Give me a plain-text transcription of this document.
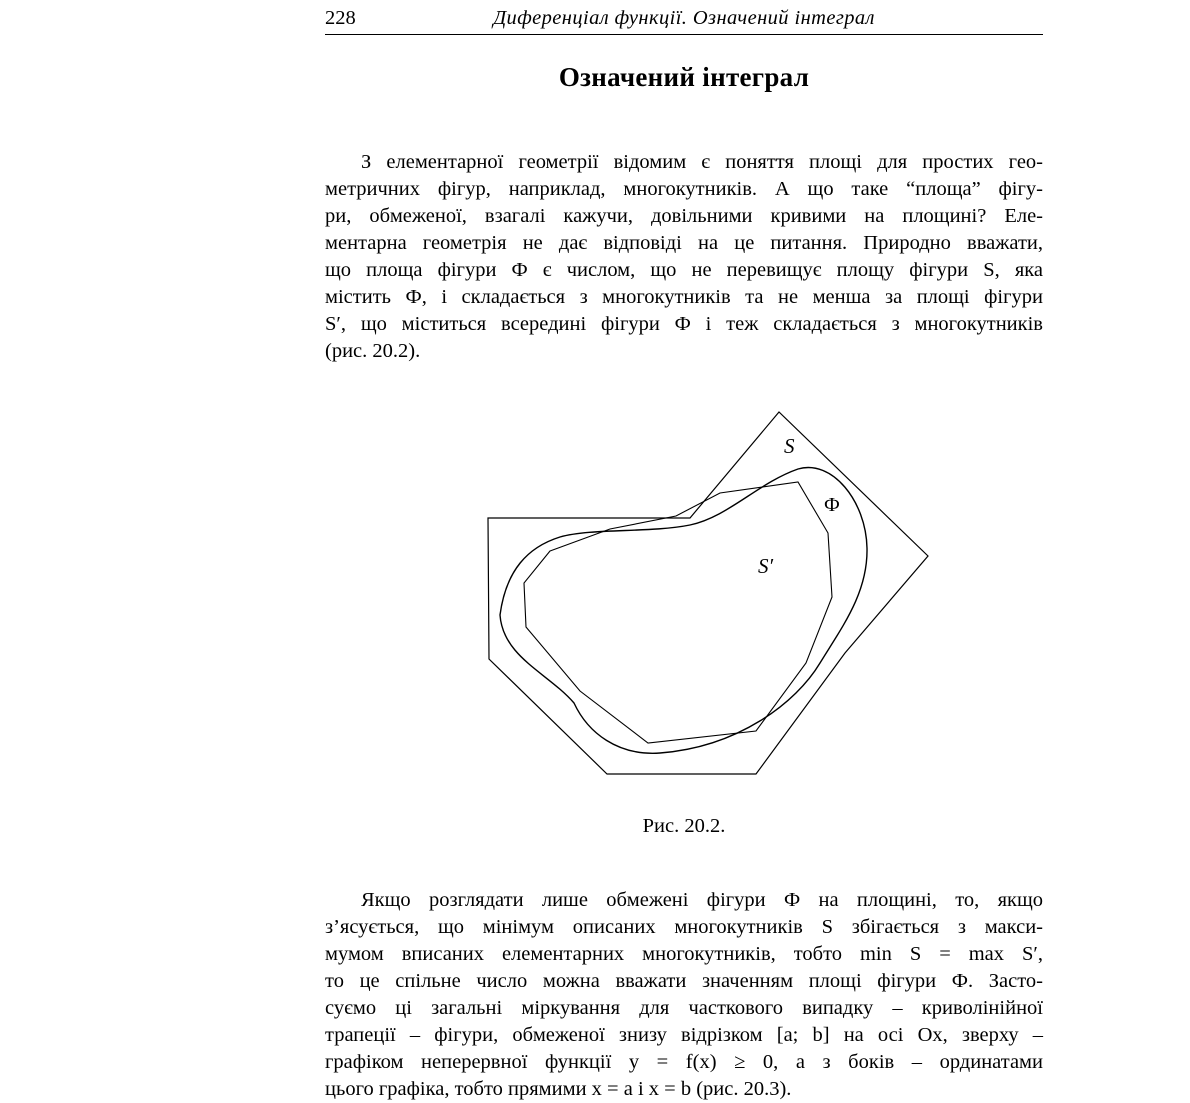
228	Диференціал функції. Означений інтеграл
Означений інтеграл
З елементарної геометрії відомим є поняття площі для простих гео-
метричних фігур, наприклад, многокутників. А що таке “площа” фігу-
ри, обмеженої, взагалі кажучи, довільними кривими на площині? Еле-
ментарна геометрія не дає відповіді на це питання. Природно вважати,
що площа фігури Ф є числом, що не перевищує площу фігури S, яка
містить Ф, і складається з многокутників та не менша за площі фігури
S′, що міститься всередині фігури Ф і теж складається з многокутників
(рис. 20.2).
S
Ф
S′
Рис. 20.2.
Якщо розглядати лише обмежені фігури Ф на площині, то, якщо
з’ясується, що мінімум описаних многокутників S збігається з макси-
мумом вписаних елементарних многокутників, тобто min S = max S′,
то це спільне число можна вважати значенням площі фігури Ф. Засто-
суємо ці загальні міркування для часткового випадку – криволінійної
трапеції – фігури, обмеженої знизу відрізком [a; b] на осі Ox, зверху –
графіком неперервної функції y = f(x) ≥ 0, а з боків – ординатами
цього графіка, тобто прямими x = a і x = b (рис. 20.3).
